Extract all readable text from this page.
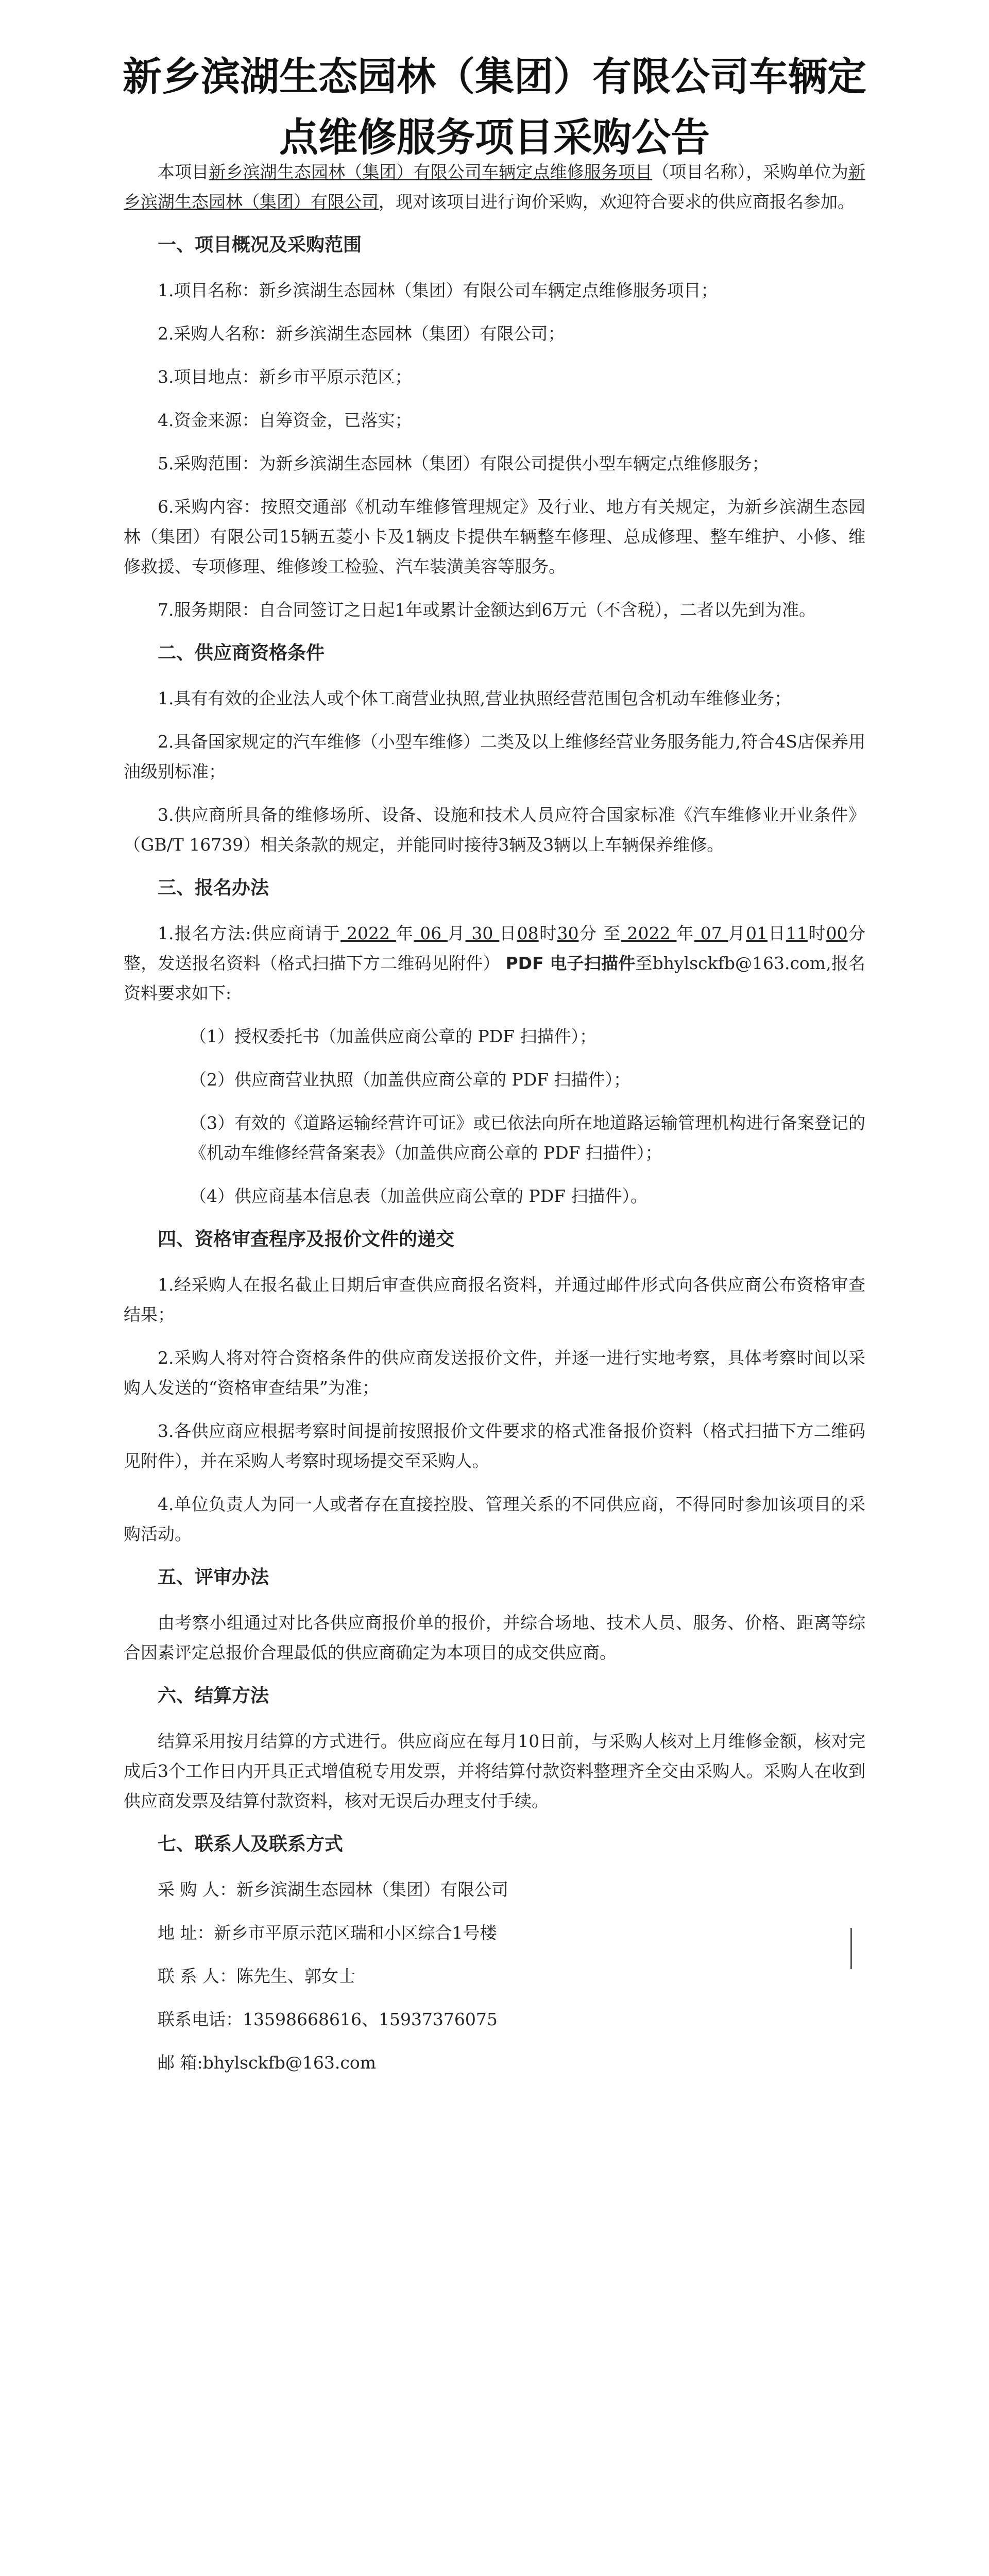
新乡滨湖生态园林（集团）有限公司车辆定点维修服务项目采购公告

本项目新乡滨湖生态园林（集团）有限公司车辆定点维修服务项目（项目名称），采购单位为新乡滨湖生态园林（集团）有限公司，现对该项目进行询价采购，欢迎符合要求的供应商报名参加。

一、项目概况及采购范围

1.项目名称：新乡滨湖生态园林（集团）有限公司车辆定点维修服务项目；

2.采购人名称：新乡滨湖生态园林（集团）有限公司；

3.项目地点：新乡市平原示范区；

4.资金来源：自筹资金，已落实；

5.采购范围：为新乡滨湖生态园林（集团）有限公司提供小型车辆定点维修服务；

6.采购内容：按照交通部《机动车维修管理规定》及行业、地方有关规定，为新乡滨湖生态园林（集团）有限公司15辆五菱小卡及1辆皮卡提供车辆整车修理、总成修理、整车维护、小修、维修救援、专项修理、维修竣工检验、汽车装潢美容等服务。

7.服务期限：自合同签订之日起1年或累计金额达到6万元（不含税），二者以先到为准。

二、供应商资格条件

1.具有有效的企业法人或个体工商营业执照,营业执照经营范围包含机动车维修业务；

2.具备国家规定的汽车维修（小型车维修）二类及以上维修经营业务服务能力,符合4S店保养用油级别标准；

3.供应商所具备的维修场所、设备、设施和技术人员应符合国家标准《汽车维修业开业条件》（GB/T 16739）相关条款的规定，并能同时接待3辆及3辆以上车辆保养维修。

三、报名办法

1.报名方法:供应商请于 2022 年 06 月 30 日08时30分 至 2022 年 07 月01日11时00分整，发送报名资料（格式扫描下方二维码见附件） PDF 电子扫描件至bhylsckfb@163.com,报名资料要求如下:

（1）授权委托书（加盖供应商公章的 PDF 扫描件）；

（2）供应商营业执照（加盖供应商公章的 PDF 扫描件）；

（3）有效的《道路运输经营许可证》或已依法向所在地道路运输管理机构进行备案登记的《机动车维修经营备案表》（加盖供应商公章的 PDF 扫描件）；

（4）供应商基本信息表（加盖供应商公章的 PDF 扫描件）。

四、资格审查程序及报价文件的递交

1.经采购人在报名截止日期后审查供应商报名资料，并通过邮件形式向各供应商公布资格审查结果；

2.采购人将对符合资格条件的供应商发送报价文件，并逐一进行实地考察，具体考察时间以采购人发送的“资格审查结果”为准；

3.各供应商应根据考察时间提前按照报价文件要求的格式准备报价资料（格式扫描下方二维码见附件），并在采购人考察时现场提交至采购人。

4.单位负责人为同一人或者存在直接控股、管理关系的不同供应商，不得同时参加该项目的采购活动。

五、评审办法

由考察小组通过对比各供应商报价单的报价，并综合场地、技术人员、服务、价格、距离等综合因素评定总报价合理最低的供应商确定为本项目的成交供应商。

六、结算方法

结算采用按月结算的方式进行。供应商应在每月10日前，与采购人核对上月维修金额，核对完成后3个工作日内开具正式增值税专用发票，并将结算付款资料整理齐全交由采购人。采购人在收到供应商发票及结算付款资料，核对无误后办理支付手续。

七、联系人及联系方式

采 购 人：新乡滨湖生态园林（集团）有限公司

地 址：新乡市平原示范区瑞和小区综合1号楼

联 系 人：陈先生、郭女士

联系电话：13598668616、15937376075

邮 箱:bhylsckfb@163.com
